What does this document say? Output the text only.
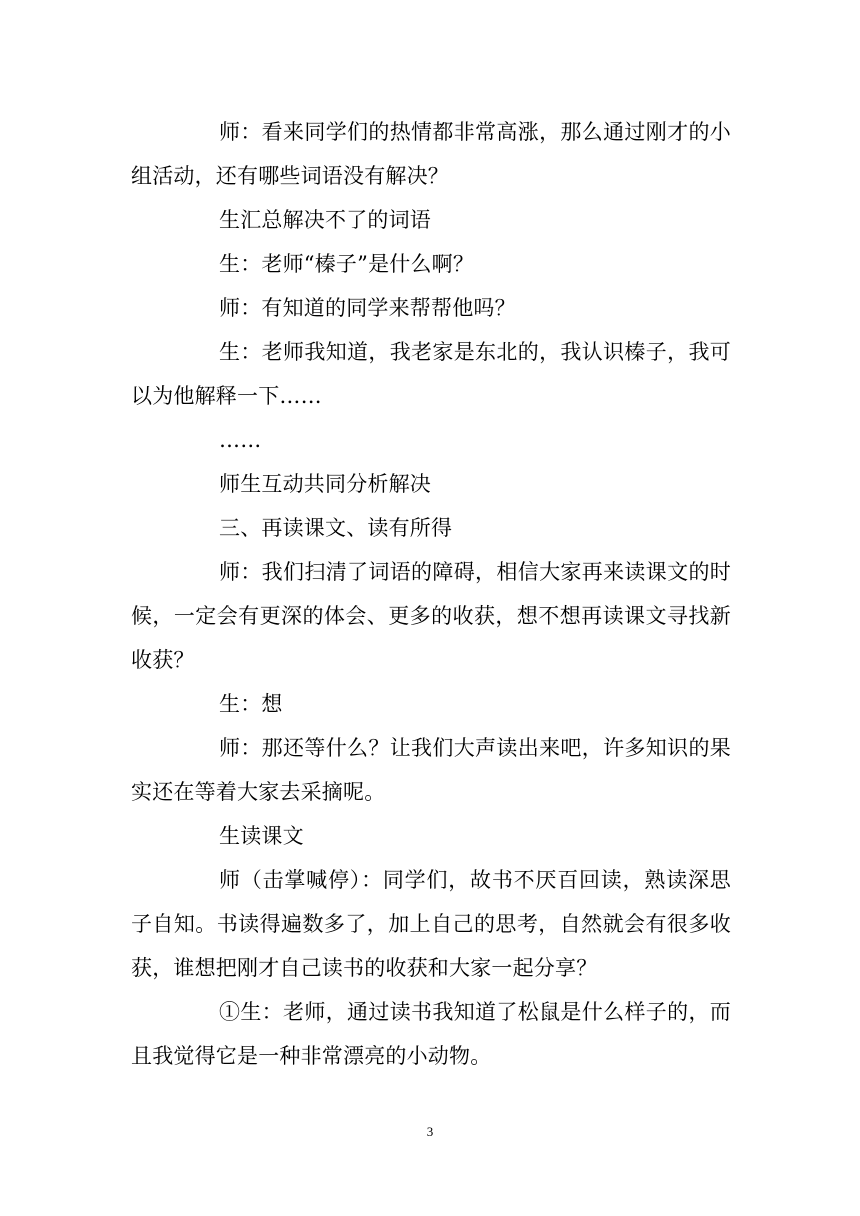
师：看来同学们的热情都非常高涨，那么通过刚才的小组活动，还有哪些词语没有解决？

生汇总解决不了的词语

生：老师“榛子”是什么啊？

师：有知道的同学来帮帮他吗？

生：老师我知道，我老家是东北的，我认识榛子，我可以为他解释一下……

……

师生互动共同分析解决

三、再读课文、读有所得

师：我们扫清了词语的障碍，相信大家再来读课文的时候，一定会有更深的体会、更多的收获，想不想再读课文寻找新收获？

生：想

师：那还等什么？让我们大声读出来吧，许多知识的果实还在等着大家去采摘呢。

生读课文

师（击掌喊停）：同学们，故书不厌百回读，熟读深思子自知。书读得遍数多了，加上自己的思考，自然就会有很多收获，谁想把刚才自己读书的收获和大家一起分享？

①生：老师，通过读书我知道了松鼠是什么样子的，而且我觉得它是一种非常漂亮的小动物。

3
